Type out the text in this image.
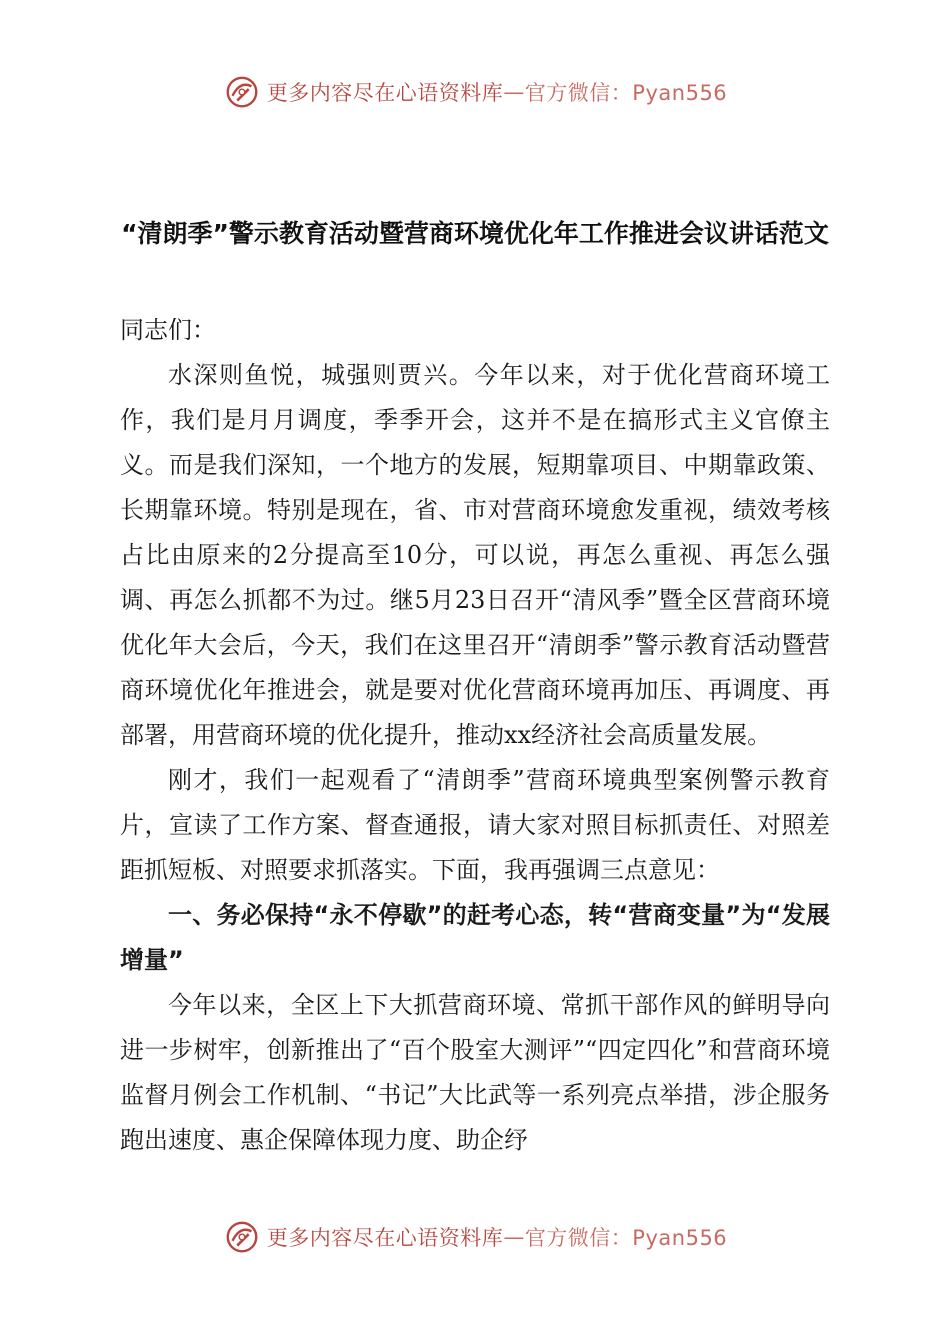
更多内容尽在心语资料库 — 官方微信：Pyan556
“清朗季”警示教育活动暨营商环境优化年工作推进会议讲话范文

同志们：

水深则鱼悦，城强则贾兴。今年以来，对于优化营商环境工作，我们是月月调度，季季开会，这并不是在搞形式主义官僚主义。而是我们深知，一个地方的发展，短期靠项目、中期靠政策、长期靠环境。特别是现在，省、市对营商环境愈发重视，绩效考核占比由原来的2分提高至10分，可以说，再怎么重视、再怎么强调、再怎么抓都不为过。继5月23日召开“清风季”暨全区营商环境优化年大会后，今天，我们在这里召开“清朗季”警示教育活动暨营商环境优化年推进会，就是要对优化营商环境再加压、再调度、再部署，用营商环境的优化提升，推动xx经济社会高质量发展。

刚才，我们一起观看了“清朗季”营商环境典型案例警示教育片，宣读了工作方案、督查通报，请大家对照目标抓责任、对照差距抓短板、对照要求抓落实。下面，我再强调三点意见：

一、务必保持“永不停歇”的赶考心态，转“营商变量”为“发展增量”

今年以来，全区上下大抓营商环境、常抓干部作风的鲜明导向进一步树牢，创新推出了“百个股室大测评”“四定四化”和营商环境监督月例会工作机制、“书记”大比武等一系列亮点举措，涉企服务跑出速度、惠企保障体现力度、助企纾

更多内容尽在心语资料库 — 官方微信：Pyan556
